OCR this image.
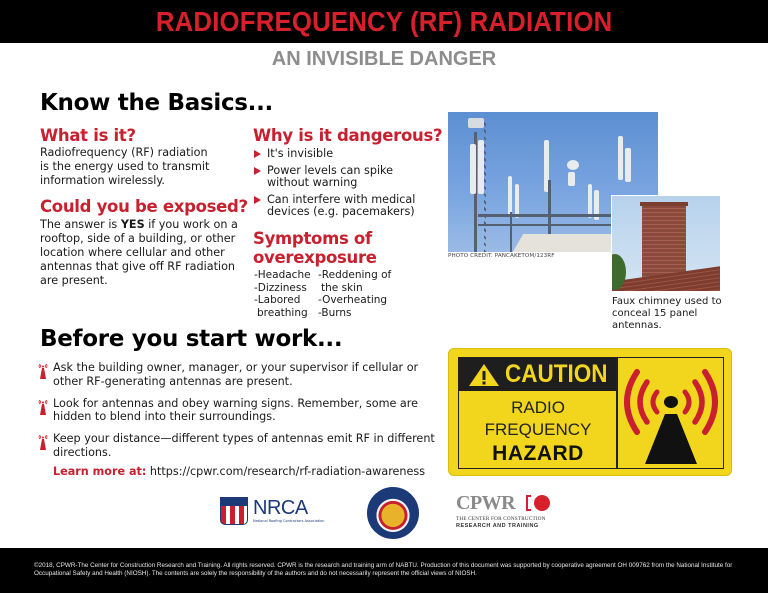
RADIOFREQUENCY (RF) RADIATION
AN INVISIBLE DANGER
Know the Basics...
What is it?
Radiofrequency (RF) radiation is the energy used to transmit information wirelessly.
Could you be exposed?
The answer is YES if you work on a rooftop, side of a building, or other location where cellular and other antennas that give off RF radiation are present.
Why is it dangerous?
It's invisible
Power levels can spike without warning
Can interfere with medical devices (e.g. pacemakers)
Symptoms of
overexposure
-Headache
-Dizziness
-Labored
breathing
-Reddening of
the skin
-Overheating
-Burns
PHOTO CREDIT: PANCAKETOM/123RF
Faux chimney used to conceal 15 panel antennas.
Before you start work...
Ask the building owner, manager, or your supervisor if cellular or other RF-generating antennas are present.
Look for antennas and obey warning signs. Remember, some are hidden to blend into their surroundings.
Keep your distance—different types of antennas emit RF in different directions.
Learn more at: https://cpwr.com/research/rf-radiation-awareness
CAUTION
RADIO
FREQUENCY
HAZARD
NRCA
National Roofing Contractors Association
CPWR
THE CENTER FOR CONSTRUCTION
RESEARCH AND TRAINING
©2018, CPWR-The Center for Construction Research and Training. All rights reserved. CPWR is the research and training arm of NABTU. Production of this document was supported by cooperative agreement OH 009762 from the National Institute for Occupational Safety and Health (NIOSH). The contents are solely the responsibility of the authors and do not necessarily represent the official views of NIOSH.
